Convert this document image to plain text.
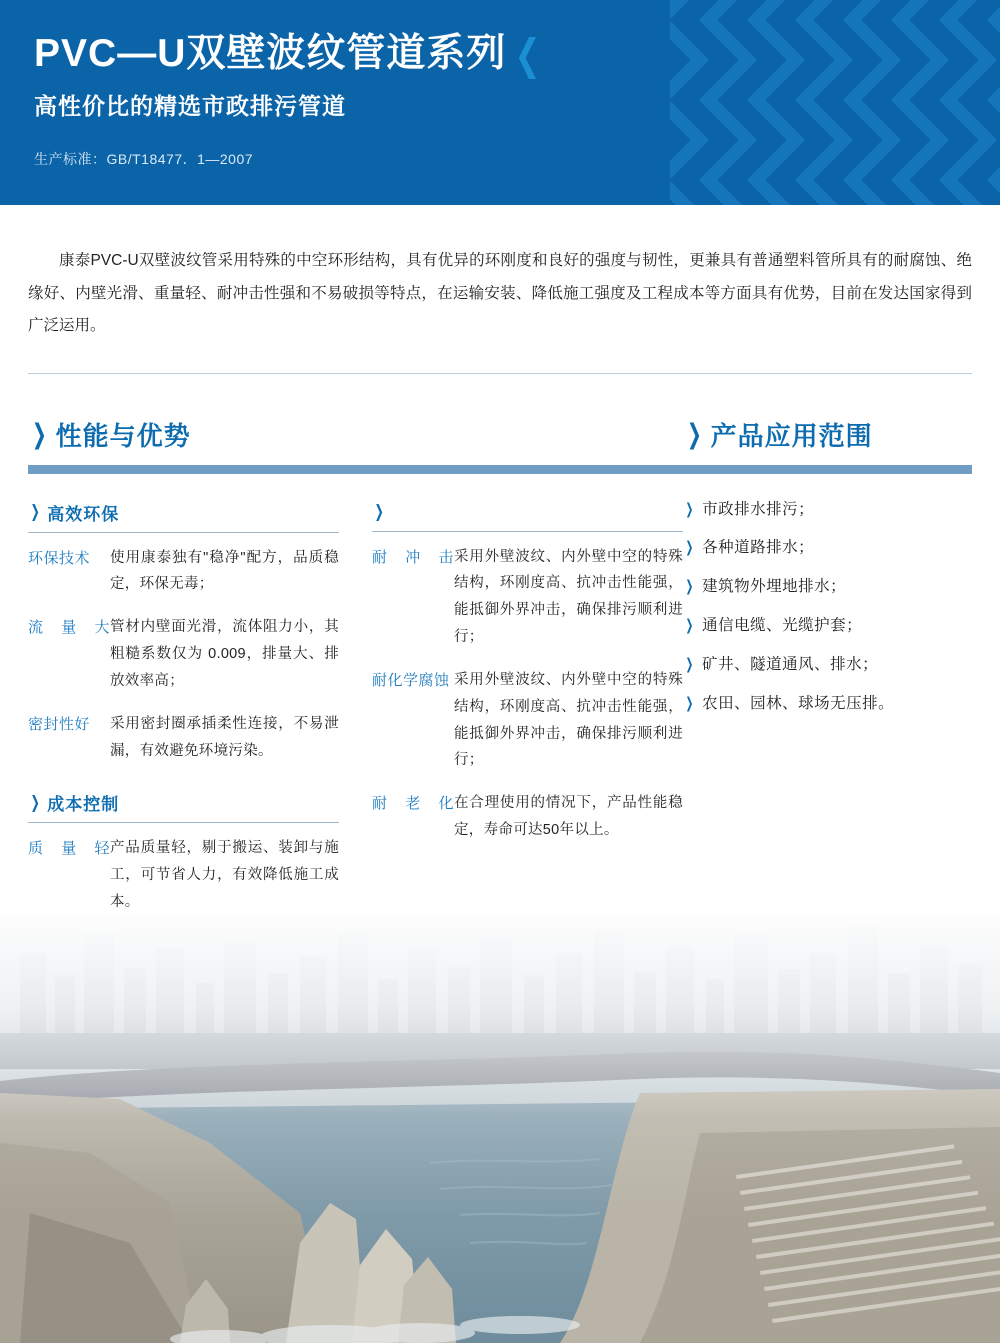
PVC—U双壁波纹管道系列 ❮
高性价比的精选市政排污管道
生产标准：GB/T18477．1—2007

康泰PVC-U双壁波纹管采用特殊的中空环形结构，具有优异的环刚度和良好的强度与韧性，更兼具有普通塑料管所具有的耐腐蚀、绝缘好、内壁光滑、重量轻、耐冲击性强和不易破损等特点，在运输安装、降低施工强度及工程成本等方面具有优势，目前在发达国家得到广泛运用。

❯ 性能与优势
❯ 高效环保
环保技术	使用康泰独有"稳净"配方，品质稳定，环保无毒；
流 量 大 管材内壁面光滑，流体阻力小，其粗糙系数仅为 0.009，排量大、排放效率高；
密封性好	采用密封圈承插柔性连接，不易泄漏，有效避免环境污染。
❯ 成本控制
质 量 轻 产品质量轻，剔于搬运、装卸与施工，可节省人力，有效降低施工成本。
❯
耐 冲 击 采用外壁波纹、内外壁中空的特殊结构，环刚度高、抗冲击性能强，能抵御外界冲击，确保排污顺利进行；
耐化学腐蚀 采用外壁波纹、内外壁中空的特殊结构，环刚度高、抗冲击性能强，能抵御外界冲击，确保排污顺利进行；
耐 老 化 在合理使用的情况下，产品性能稳定，寿命可达50年以上。
❯ 产品应用范围
❯ 市政排水排污；
❯ 各种道路排水；
❯ 建筑物外埋地排水；
❯ 通信电缆、光缆护套；
❯ 矿井、隧道通风、排水；
❯ 农田、园林、球场无压排。
